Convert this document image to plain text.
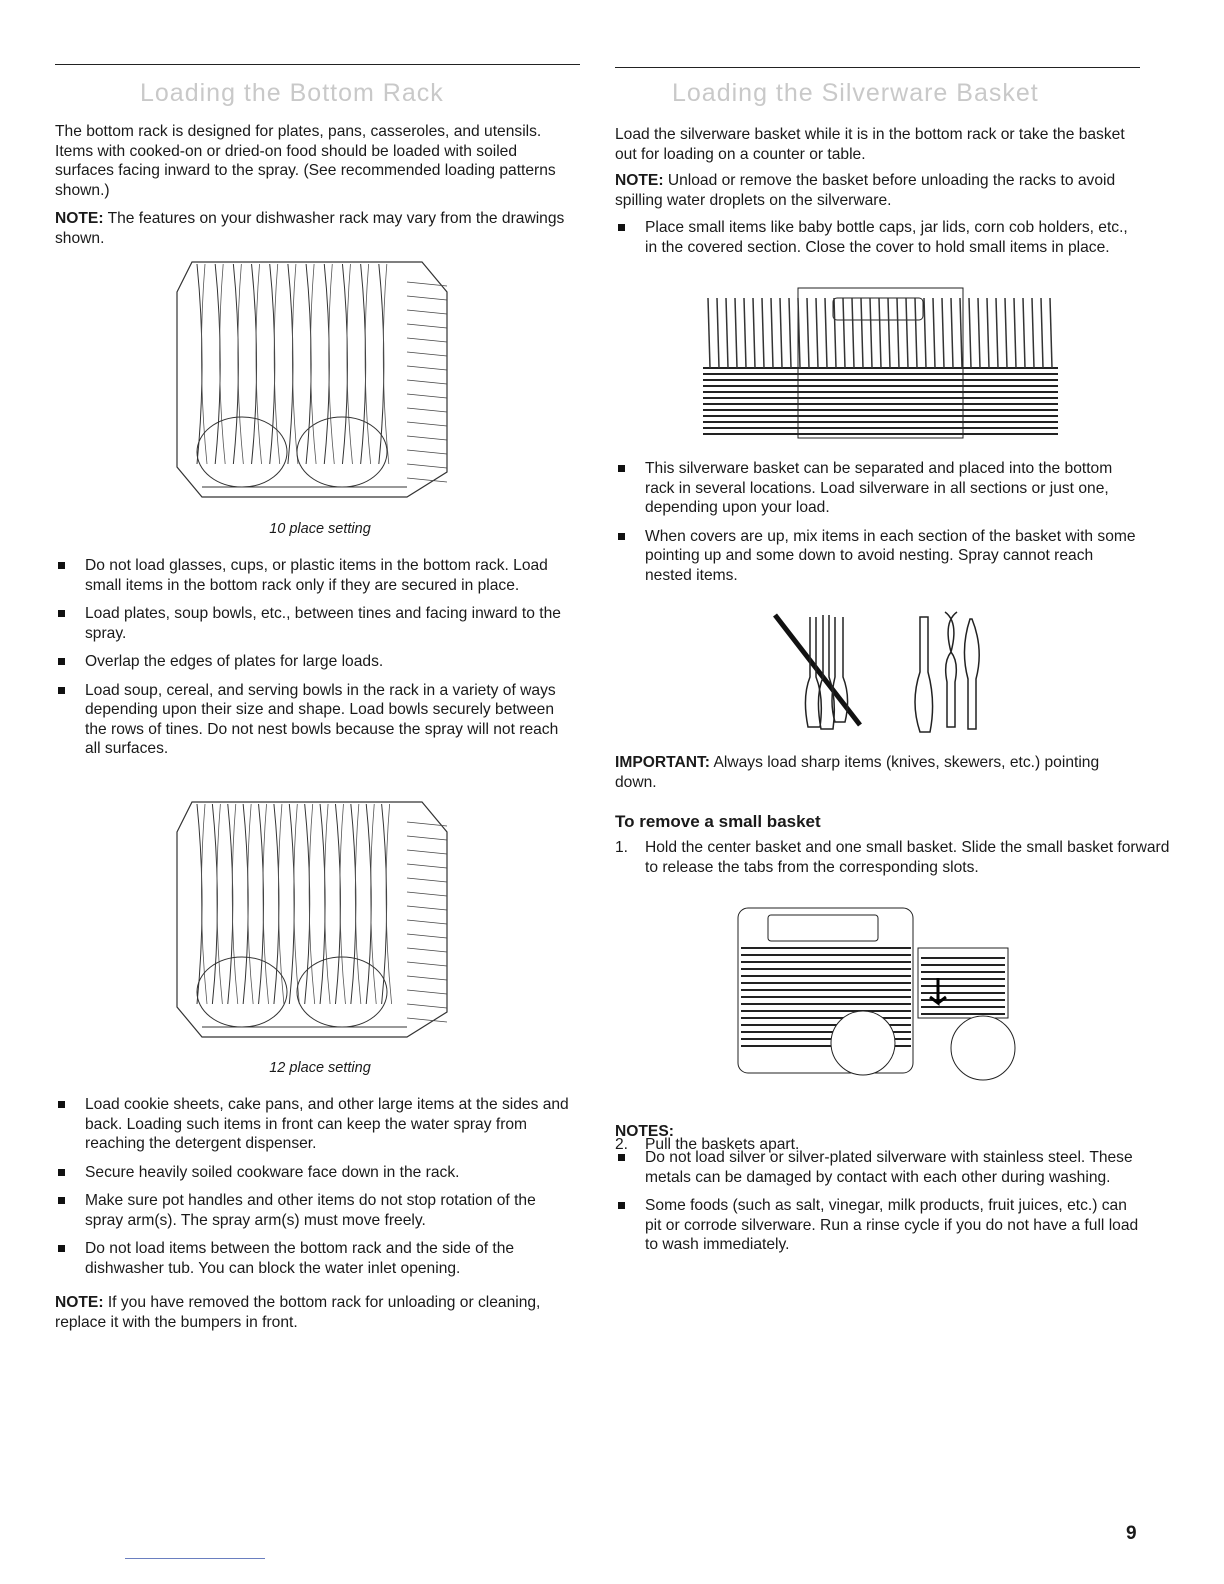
Loading the Bottom Rack

The bottom rack is designed for plates, pans, casseroles, and utensils. Items with cooked-on or dried-on food should be loaded with soiled surfaces facing inward to the spray. (See recommended loading patterns shown.)

NOTE: The features on your dishwasher rack may vary from the drawings shown.

10 place setting
Do not load glasses, cups, or plastic items in the bottom rack. Load small items in the bottom rack only if they are secured in place.
Load plates, soup bowls, etc., between tines and facing inward to the spray.
Overlap the edges of plates for large loads.
Load soup, cereal, and serving bowls in the rack in a variety of ways depending upon their size and shape. Load bowls securely between the rows of tines. Do not nest bowls because the spray will not reach all surfaces.
12 place setting
Load cookie sheets, cake pans, and other large items at the sides and back. Loading such items in front can keep the water spray from reaching the detergent dispenser.
Secure heavily soiled cookware face down in the rack.
Make sure pot handles and other items do not stop rotation of the spray arm(s). The spray arm(s) must move freely.
Do not load items between the bottom rack and the side of the dishwasher tub. You can block the water inlet opening.

NOTE: If you have removed the bottom rack for unloading or cleaning, replace it with the bumpers in front.

Loading the Silverware Basket

Load the silverware basket while it is in the bottom rack or take the basket out for loading on a counter or table.

NOTE: Unload or remove the basket before unloading the racks to avoid spilling water droplets on the silverware.

Place small items like baby bottle caps, jar lids, corn cob holders, etc., in the covered section. Close the cover to hold small items in place.
This silverware basket can be separated and placed into the bottom rack in several locations. Load silverware in all sections or just one, depending upon your load.
When covers are up, mix items in each section of the basket with some pointing up and some down to avoid nesting. Spray cannot reach nested items.

IMPORTANT: Always load sharp items (knives, skewers, etc.) pointing down.

To remove a small basket
1. Hold the center basket and one small basket. Slide the small basket forward to release the tabs from the corresponding slots.
2. Pull the baskets apart.
NOTES:
Do not load silver or silver-plated silverware with stainless steel. These metals can be damaged by contact with each other during washing.
Some foods (such as salt, vinegar, milk products, fruit juices, etc.) can pit or corrode silverware. Run a rinse cycle if you do not have a full load to wash immediately.
9
